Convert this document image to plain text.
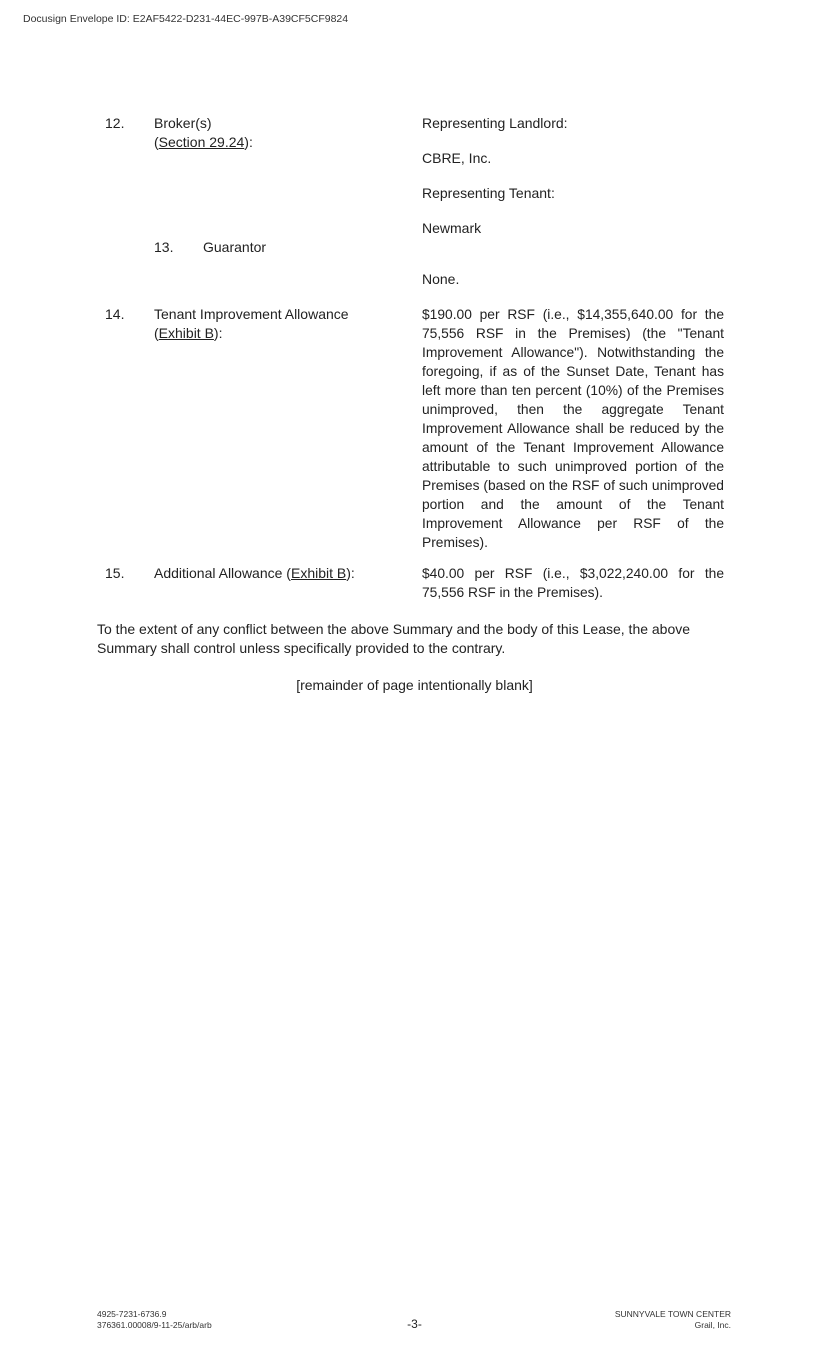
Docusign Envelope ID: E2AF5422-D231-44EC-997B-A39CF5CF9824
12. Broker(s)
(Section 29.24):
Representing Landlord:
CBRE, Inc.
Representing Tenant:
Newmark
13. Guarantor
None.
14. Tenant Improvement Allowance
(Exhibit B):
$190.00 per RSF (i.e., $14,355,640.00 for the 75,556 RSF in the Premises) (the "Tenant Improvement Allowance"). Notwithstanding the foregoing, if as of the Sunset Date, Tenant has left more than ten percent (10%) of the Premises unimproved, then the aggregate Tenant Improvement Allowance shall be reduced by the amount of the Tenant Improvement Allowance attributable to such unimproved portion of the Premises (based on the RSF of such unimproved portion and the amount of the Tenant Improvement Allowance per RSF of the Premises).
15. Additional Allowance (Exhibit B):	$40.00 per RSF (i.e., $3,022,240.00 for the 75,556 RSF in the Premises).
To the extent of any conflict between the above Summary and the body of this Lease, the above Summary shall control unless specifically provided to the contrary.
[remainder of page intentionally blank]
4925-7231-6736.9
376361.00008/9-11-25/arb/arb	-3-
SUNNYVALE TOWN CENTER
Grail, Inc.
